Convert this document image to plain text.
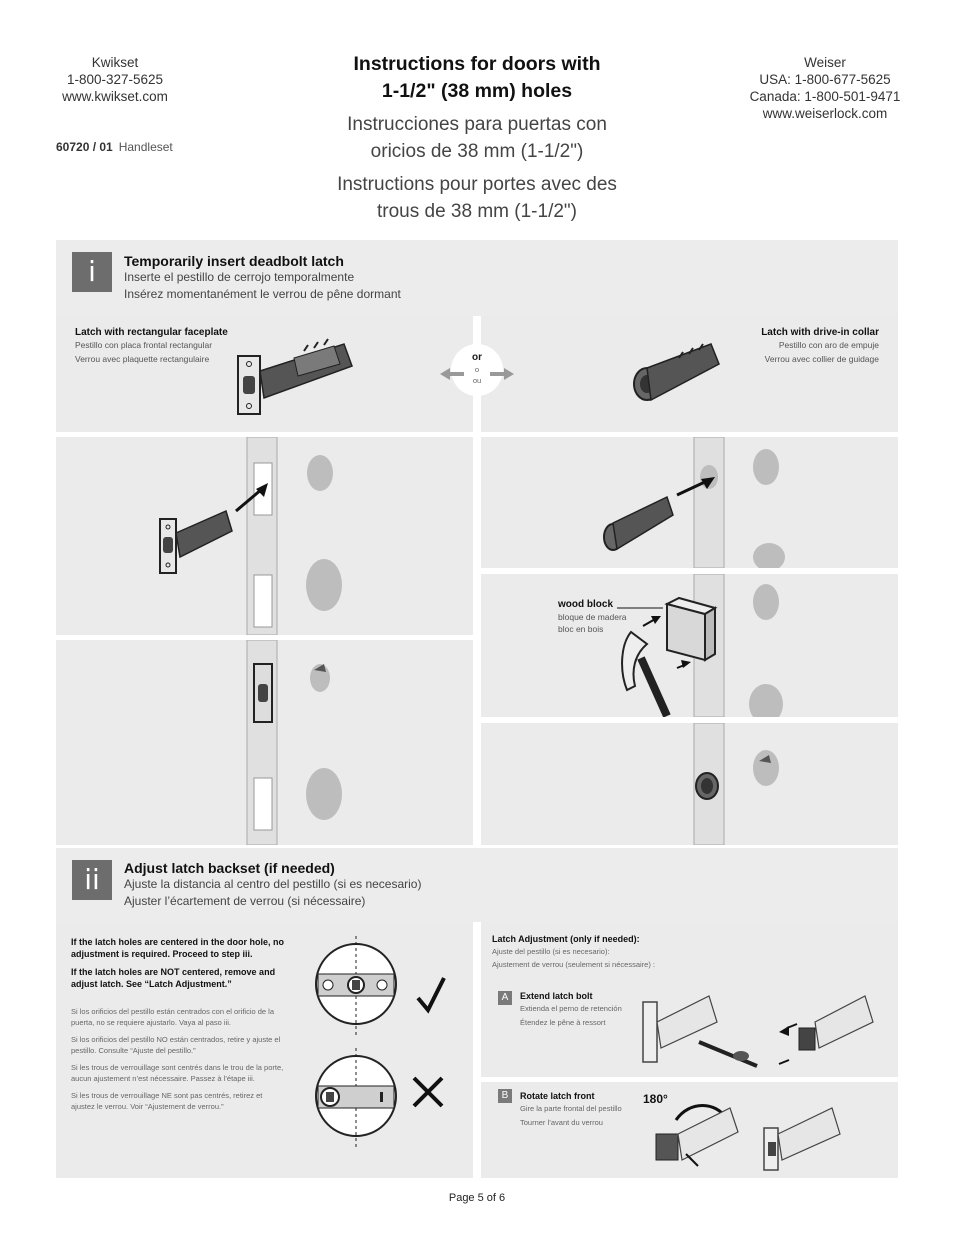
Kwikset
1-800-327-5625
www.kwikset.com
60720 / 01 Handleset
Instructions for doors with
1-1/2" (38 mm) holes
Instrucciones para puertas con
oricios de 38 mm (1-1/2")
Instructions pour portes avec des
trous de 38 mm (1-1/2")
Weiser
USA: 1-800-677-5625
Canada: 1-800-501-9471
www.weiserlock.com
i	Temporarily insert deadbolt latch
Inserte el pestillo de cerrojo temporalmente
Insérez momentanément le verrou de pêne dormant
Latch with rectangular faceplate
Pestillo con placa frontal rectangular
Verrou avec plaquette rectangulaire
Latch with drive-in collar
Pestillo con aro de empuje
Verrou avec collier de guidage
or
o
ou
wood block
bloque de madera
bloc en bois
ii	Adjust latch backset (if needed)
Ajuste la distancia al centro del pestillo (si es necesario)
Ajuster l’écartement de verrou (si nécessaire)
If the latch holes are centered in the door hole, no adjustment is required. Proceed to step iii.
If the latch holes are NOT centered, remove and adjust latch. See “Latch Adjustment.”
Si los orificios del pestillo están centrados con el orificio de la puerta, no se requiere ajustarlo. Vaya al paso iii.
Si los orificios del pestillo NO están centrados, retire y ajuste el pestillo. Consulte “Ajuste del pestillo.”
Si les trous de verrouillage sont centrés dans le trou de la porte, aucun ajustement n’est nécessaire. Passez à l’étape iii.
Si les trous de verrouillage NE sont pas centrés, retirez et ajustez le verrou. Voir “Ajustement de verrou.”
Latch Adjustment (only if needed):
Ajuste del pestillo (si es necesario):
Ajustement de verrou (seulement si nécessaire) :
A	Extend latch bolt
Extienda el perno de retención
Étendez le pêne à ressort
B	Rotate latch front
Gire la parte frontal del pestillo
Tourner l’avant du verrou
180°
Page 5 of 6
